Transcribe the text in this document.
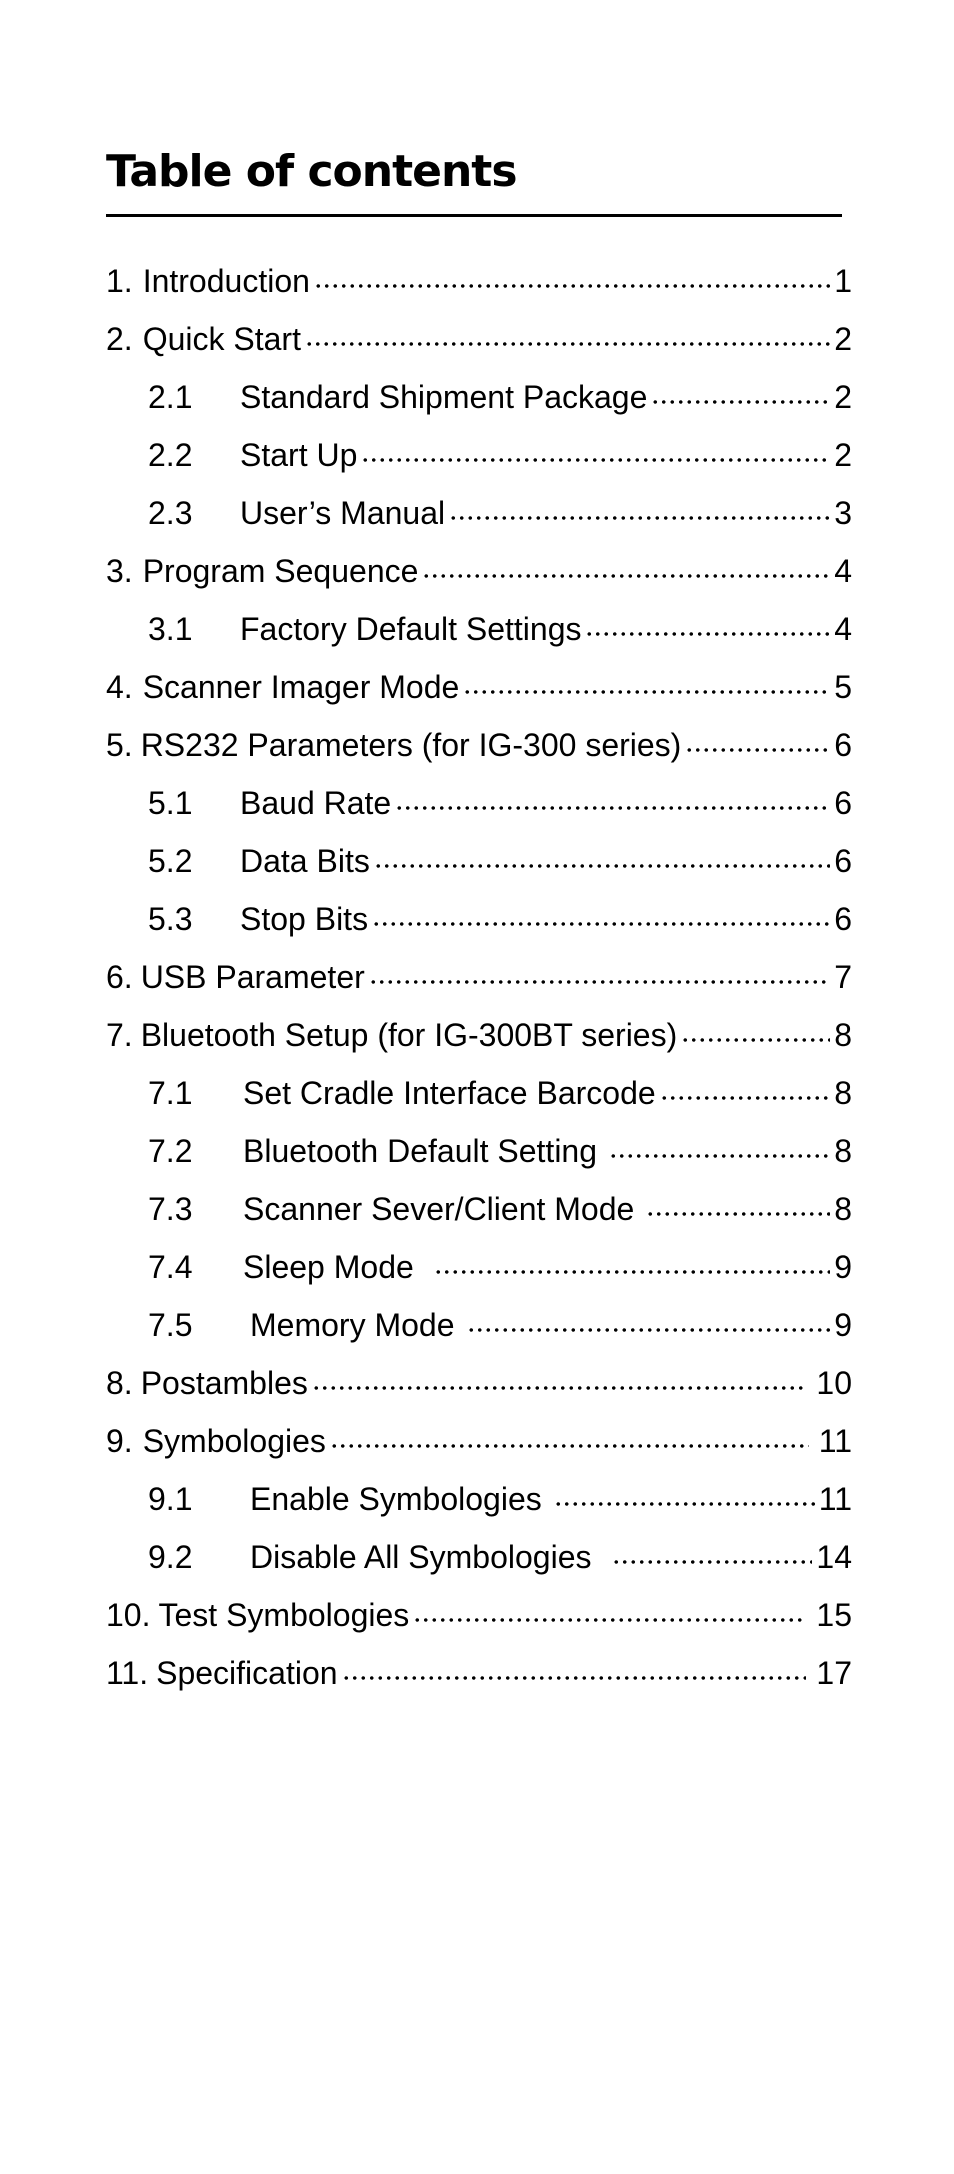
Table of contents
1. Introduction	1
2. Quick Start	2
2.1	Standard Shipment Package	2
2.2	Start Up	2
2.3	User’s Manual	3
3. Program Sequence	4
3.1	Factory Default Settings	4
4. Scanner Imager Mode	5
5. RS232 Parameters (for IG-300 series)	6
5.1	Baud Rate	6
5.2	Data Bits	6
5.3	Stop Bits	6
6. USB Parameter	7
7. Bluetooth Setup (for IG-300BT series)	8
7.1	Set Cradle Interface Barcode	8
7.2	Bluetooth Default Setting	8
7.3	Scanner Sever/Client Mode	8
7.4	Sleep Mode	9
7.5	Memory Mode	9
8. Postambles	10
9. Symbologies	11
9.1	Enable Symbologies	11
9.2	Disable All Symbologies	14
10. Test Symbologies	15
11. Specification	17
